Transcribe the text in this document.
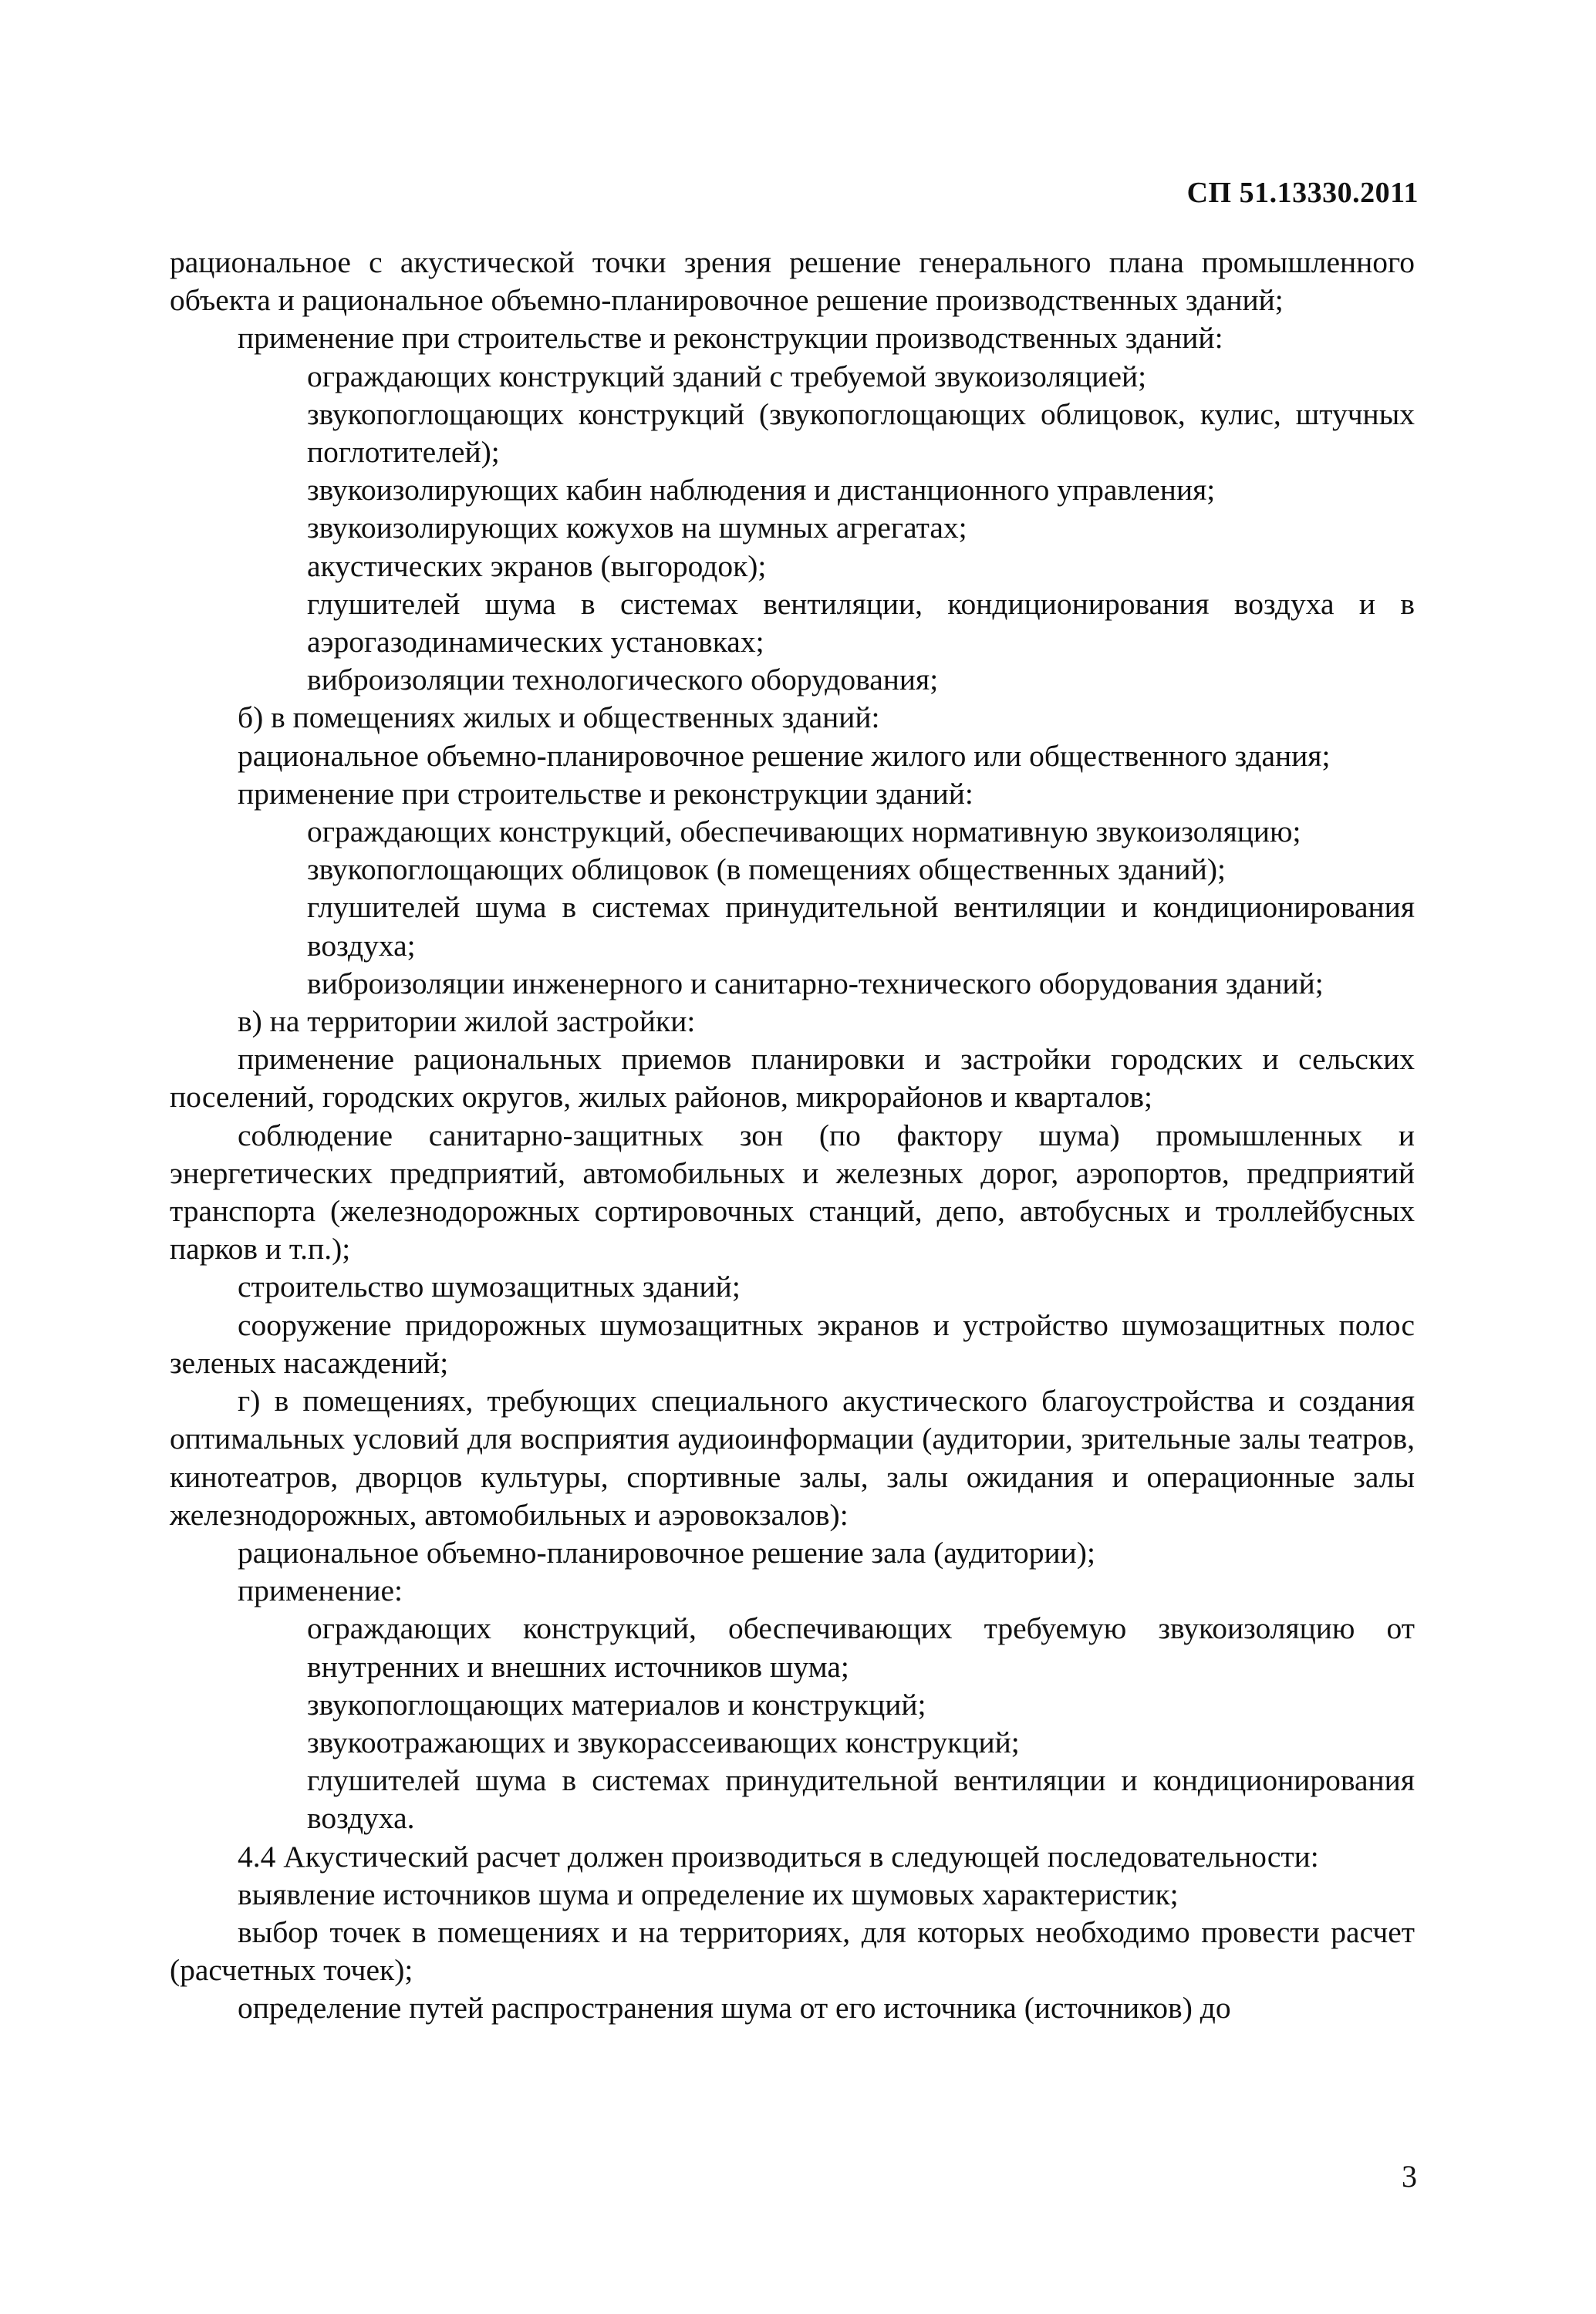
СП 51.13330.2011

рациональное с акустической точки зрения решение генерального плана промышленного объекта и рациональное объемно-планировочное решение производственных зданий;

применение при строительстве и реконструкции производственных зданий:

ограждающих конструкций зданий с требуемой звукоизоляцией;

звукопоглощающих конструкций (звукопоглощающих облицовок, кулис, штучных поглотителей);

звукоизолирующих кабин наблюдения и дистанционного управления;

звукоизолирующих кожухов на шумных агрегатах;

акустических экранов (выгородок);

глушителей шума в системах вентиляции, кондиционирования воздуха и в аэрогазодинамических установках;

виброизоляции технологического оборудования;

б) в помещениях жилых и общественных зданий:

рациональное объемно-планировочное решение жилого или общественного здания;

применение при строительстве и реконструкции зданий:

ограждающих конструкций, обеспечивающих нормативную звукоизоляцию;

звукопоглощающих облицовок (в помещениях общественных зданий);

глушителей шума в системах принудительной вентиляции и кондиционирования воздуха;

виброизоляции инженерного и санитарно-технического оборудования зданий;

в) на территории жилой застройки:

применение рациональных приемов планировки и застройки городских и сельских поселений, городских округов, жилых районов, микрорайонов и кварталов;

соблюдение санитарно-защитных зон (по фактору шума) промышленных и энергетических предприятий, автомобильных и железных дорог, аэропортов, предприятий транспорта (железнодорожных сортировочных станций, депо, автобусных и троллейбусных парков и т.п.);

строительство шумозащитных зданий;

сооружение придорожных шумозащитных экранов и устройство шумозащитных полос зеленых насаждений;

г) в помещениях, требующих специального акустического благоустройства и создания оптимальных условий для восприятия аудиоинформации (аудитории, зрительные залы театров, кинотеатров, дворцов культуры, спортивные залы, залы ожидания и операционные залы железнодорожных, автомобильных и аэровокзалов):

рациональное объемно-планировочное решение зала (аудитории);

применение:

ограждающих конструкций, обеспечивающих требуемую звукоизоляцию от внутренних и внешних источников шума;

звукопоглощающих материалов и конструкций;

звукоотражающих и звукорассеивающих конструкций;

глушителей шума в системах принудительной вентиляции и кондиционирования воздуха.

4.4 Акустический расчет должен производиться в следующей последовательности:

выявление источников шума и определение их шумовых характеристик;

выбор точек в помещениях и на территориях, для которых необходимо провести расчет (расчетных точек);

определение путей распространения шума от его источника (источников) до

3
